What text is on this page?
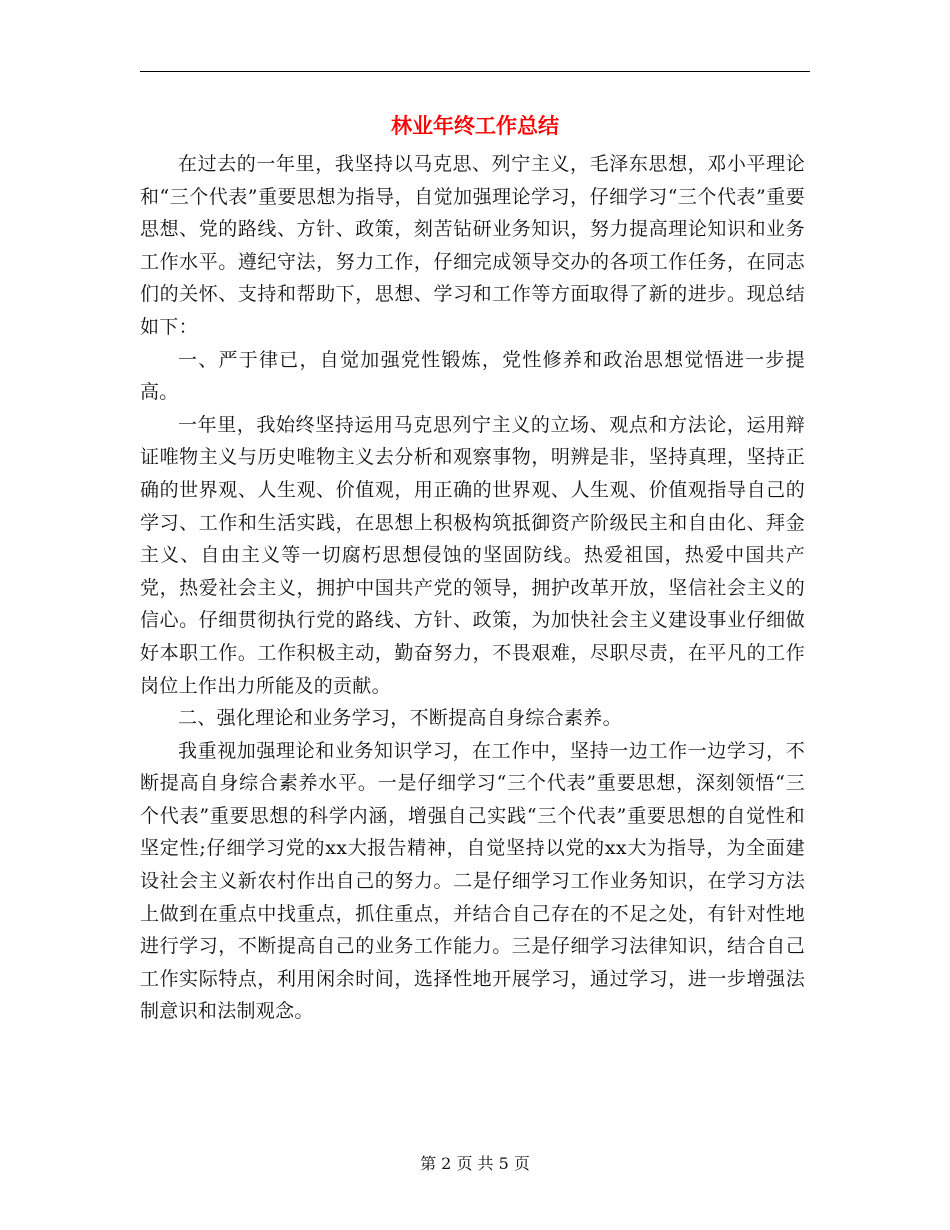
林业年终工作总结

在过去的一年里，我坚持以马克思、列宁主义，毛泽东思想，邓小平理论和“三个代表”重要思想为指导，自觉加强理论学习，仔细学习“三个代表”重要思想、党的路线、方针、政策，刻苦钻研业务知识，努力提高理论知识和业务工作水平。遵纪守法，努力工作，仔细完成领导交办的各项工作任务，在同志们的关怀、支持和帮助下，思想、学习和工作等方面取得了新的进步。现总结如下：

一、严于律已，自觉加强党性锻炼，党性修养和政治思想觉悟进一步提高。

一年里，我始终坚持运用马克思列宁主义的立场、观点和方法论，运用辩证唯物主义与历史唯物主义去分析和观察事物，明辨是非，坚持真理，坚持正确的世界观、人生观、价值观，用正确的世界观、人生观、价值观指导自己的学习、工作和生活实践，在思想上积极构筑抵御资产阶级民主和自由化、拜金主义、自由主义等一切腐朽思想侵蚀的坚固防线。热爱祖国，热爱中国共产党，热爱社会主义，拥护中国共产党的领导，拥护改革开放，坚信社会主义的信心。仔细贯彻执行党的路线、方针、政策，为加快社会主义建设事业仔细做好本职工作。工作积极主动，勤奋努力，不畏艰难，尽职尽责，在平凡的工作岗位上作出力所能及的贡献。

二、强化理论和业务学习，不断提高自身综合素养。

我重视加强理论和业务知识学习，在工作中，坚持一边工作一边学习，不断提高自身综合素养水平。一是仔细学习“三个代表”重要思想，深刻领悟“三个代表”重要思想的科学内涵，增强自己实践“三个代表”重要思想的自觉性和坚定性;仔细学习党的xx大报告精神，自觉坚持以党的xx大为指导，为全面建设社会主义新农村作出自己的努力。二是仔细学习工作业务知识，在学习方法上做到在重点中找重点，抓住重点，并结合自己存在的不足之处，有针对性地进行学习，不断提高自己的业务工作能力。三是仔细学习法律知识，结合自己工作实际特点，利用闲余时间，选择性地开展学习，通过学习，进一步增强法制意识和法制观念。

第 2 页 共 5 页
